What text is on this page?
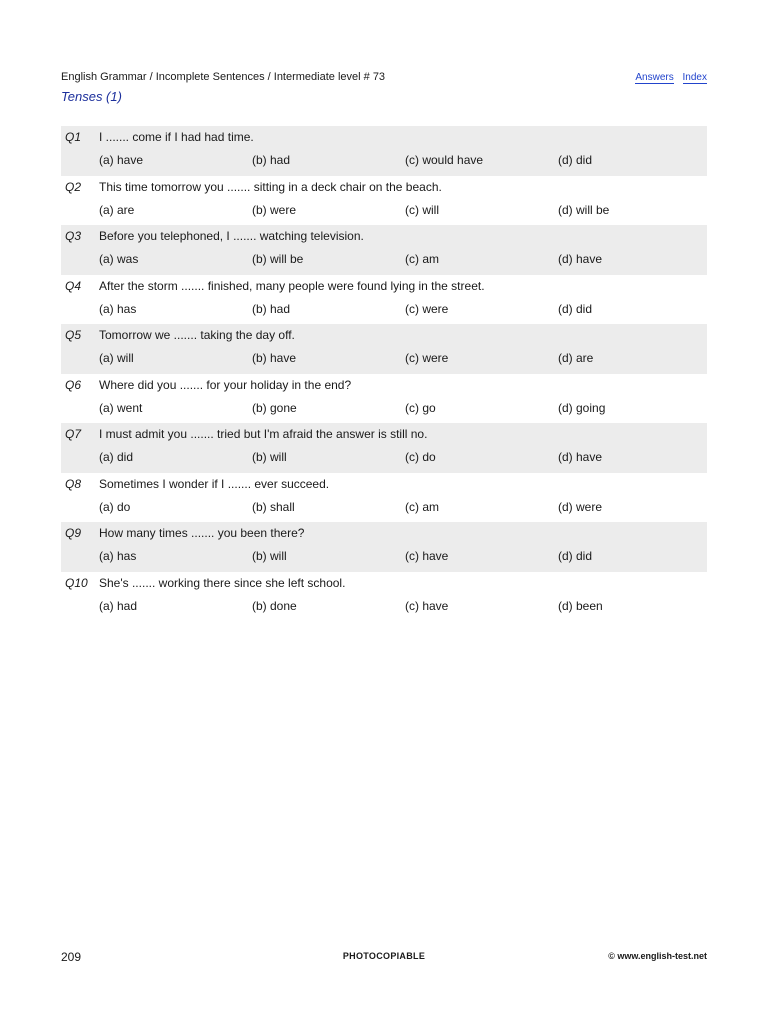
English Grammar / Incomplete Sentences / Intermediate level # 73
Tenses (1)
Answers Index
Q1 I ....... come if I had had time.
(a) have	(b) had	(c) would have	(d) did
Q2 This time tomorrow you ....... sitting in a deck chair on the beach.
(a) are	(b) were	(c) will	(d) will be
Q3 Before you telephoned, I ....... watching television.
(a) was	(b) will be	(c) am	(d) have
Q4 After the storm ....... finished, many people were found lying in the street.
(a) has	(b) had	(c) were	(d) did
Q5 Tomorrow we ....... taking the day off.
(a) will	(b) have	(c) were	(d) are
Q6 Where did you ....... for your holiday in the end?
(a) went	(b) gone	(c) go	(d) going
Q7 I must admit you ....... tried but I'm afraid the answer is still no.
(a) did	(b) will	(c) do	(d) have
Q8 Sometimes I wonder if I ....... ever succeed.
(a) do	(b) shall	(c) am	(d) were
Q9 How many times ....... you been there?
(a) has	(b) will	(c) have	(d) did
Q10 She's ....... working there since she left school.
(a) had	(b) done	(c) have	(d) been
209	PHOTOCOPIABLE	© www.english-test.net
